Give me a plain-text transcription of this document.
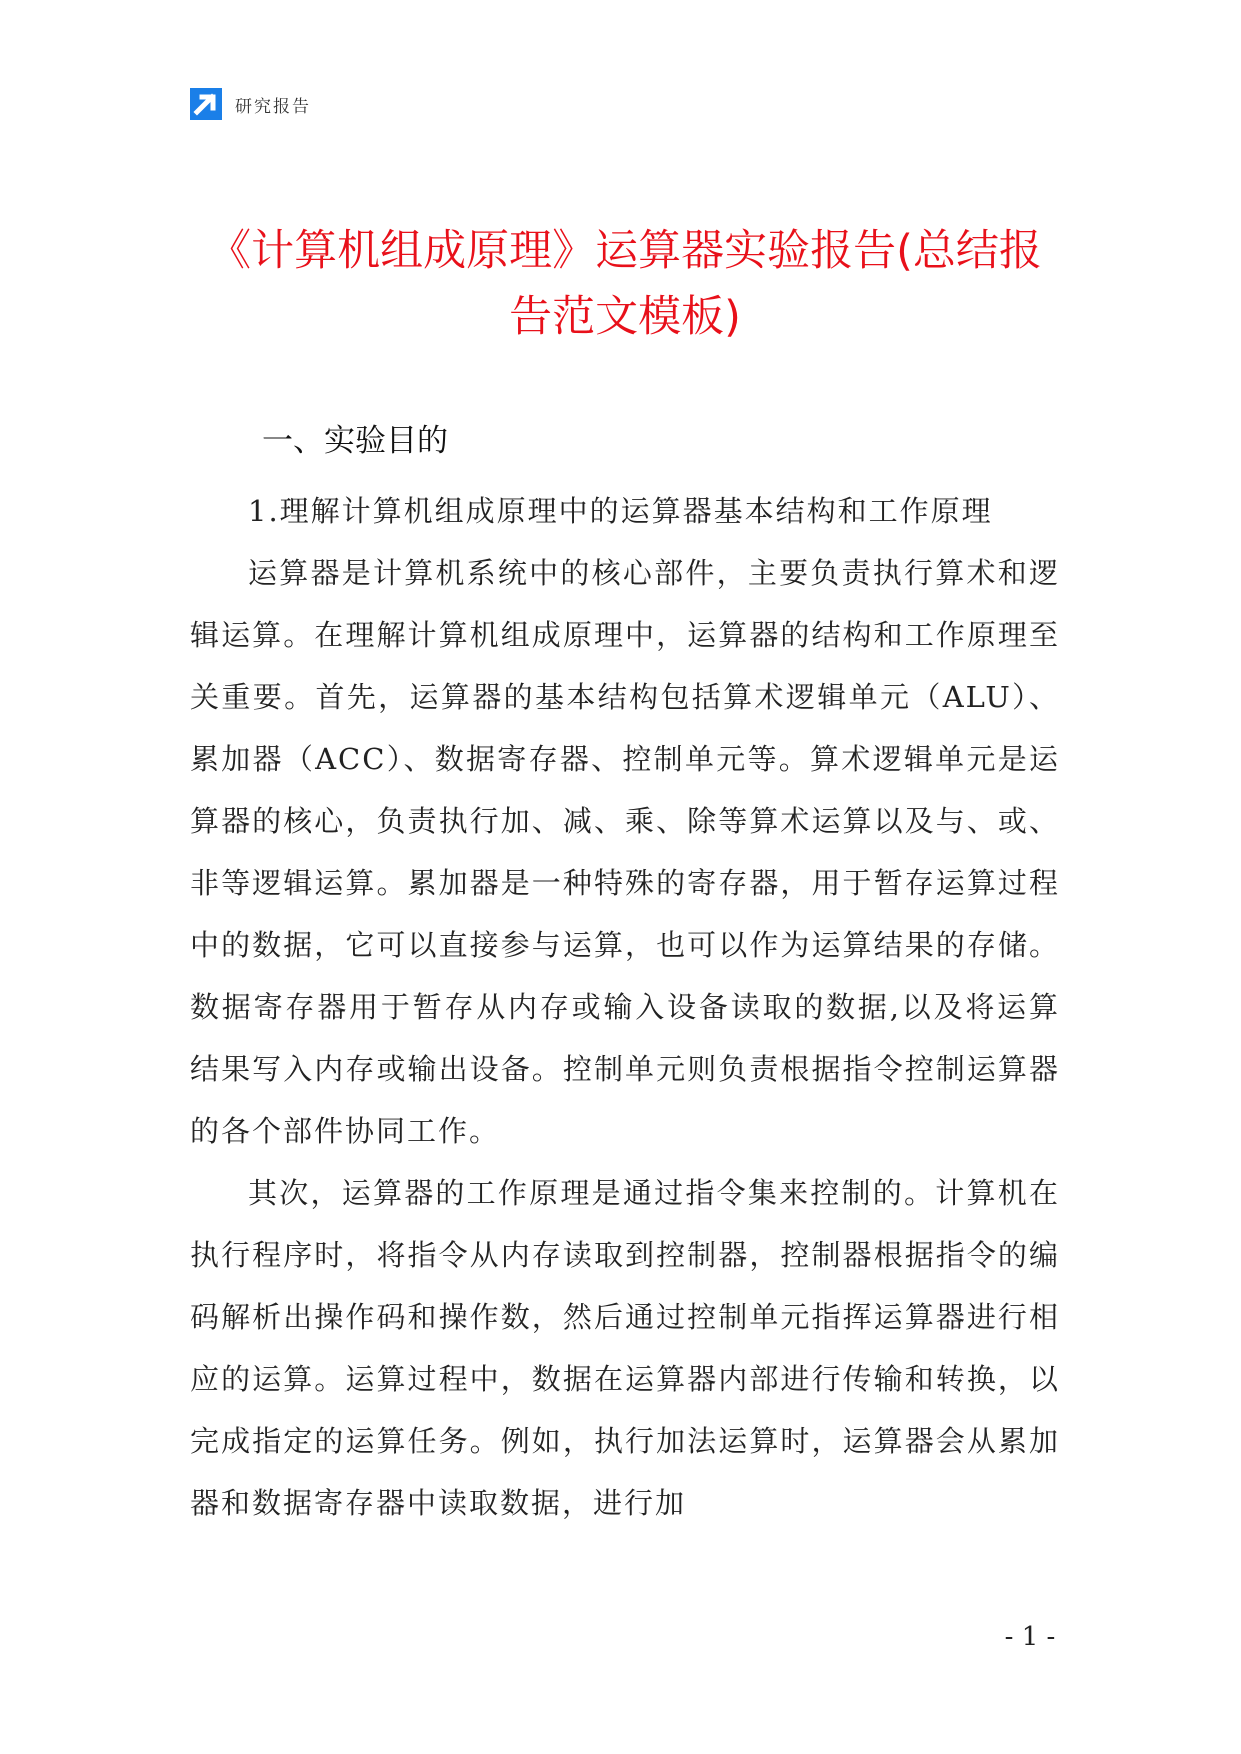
研究报告
《计算机组成原理》运算器实验报告(总结报告范文模板)
一、实验目的

1.理解计算机组成原理中的运算器基本结构和工作原理

运算器是计算机系统中的核心部件，主要负责执行算术和逻辑运算。在理解计算机组成原理中，运算器的结构和工作原理至关重要。首先，运算器的基本结构包括算术逻辑单元（ALU）、累加器（ACC）、数据寄存器、控制单元等。算术逻辑单元是运算器的核心，负责执行加、减、乘、除等算术运算以及与、或、非等逻辑运算。累加器是一种特殊的寄存器，用于暂存运算过程中的数据，它可以直接参与运算，也可以作为运算结果的存储。数据寄存器用于暂存从内存或输入设备读取的数据,以及将运算结果写入内存或输出设备。控制单元则负责根据指令控制运算器的各个部件协同工作。

其次，运算器的工作原理是通过指令集来控制的。计算机在执行程序时，将指令从内存读取到控制器，控制器根据指令的编码解析出操作码和操作数，然后通过控制单元指挥运算器进行相应的运算。运算过程中，数据在运算器内部进行传输和转换，以完成指定的运算任务。例如，执行加法运算时，运算器会从累加器和数据寄存器中读取数据，进行加

- 1 -
